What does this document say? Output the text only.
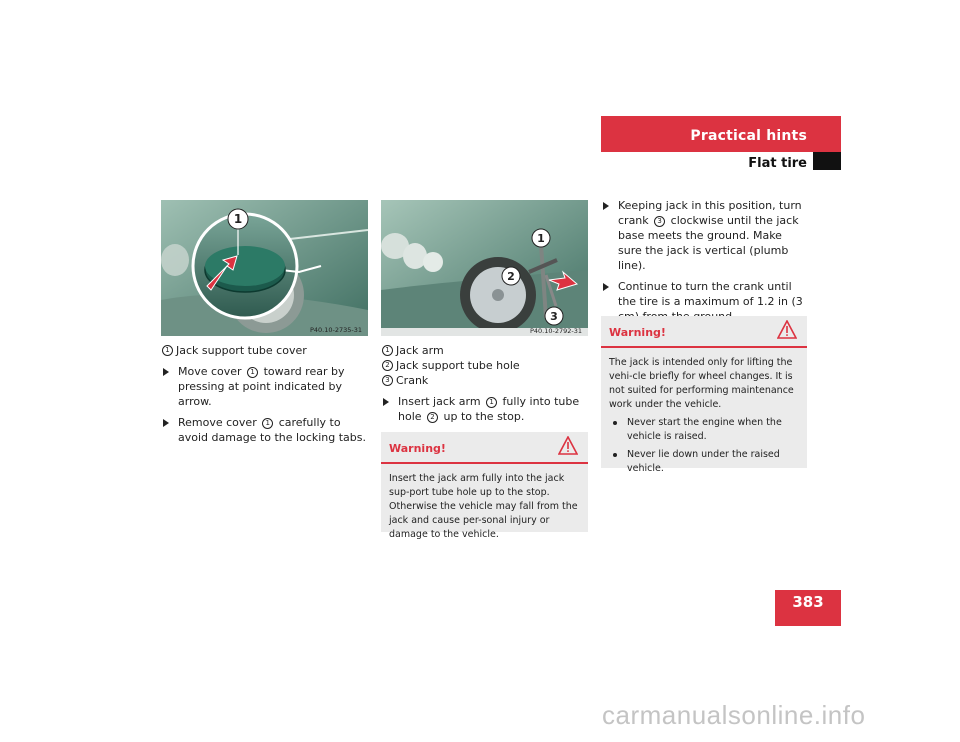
Practical hints
Flat tire
1
P40.10-2735-31
1
2
3
P40.10-2792-31
1 Jack support tube cover
Move cover 1 toward rear by pressing at point indicated by arrow.
Remove cover 1 carefully to avoid damage to the locking tabs.
1 Jack arm
2 Jack support tube hole
3 Crank
Insert jack arm 1 fully into tube hole 2 up to the stop.
Warning!
Insert the jack arm fully into the jack sup-port tube hole up to the stop. Otherwise the vehicle may fall from the jack and cause per-sonal injury or damage to the vehicle.
Keeping jack in this position, turn crank 3 clockwise until the jack base meets the ground. Make sure the jack is vertical (plumb line).
Continue to turn the crank until the tire is a maximum of 1.2 in (3
Warning!
The jack is intended only for lifting the vehi-cle briefly for wheel changes. It is not suited for performing maintenance work under the vehicle.
Never start the engine when the vehicle is raised.
Never lie down under the raised vehicle.
383
carmanualsonline.info
